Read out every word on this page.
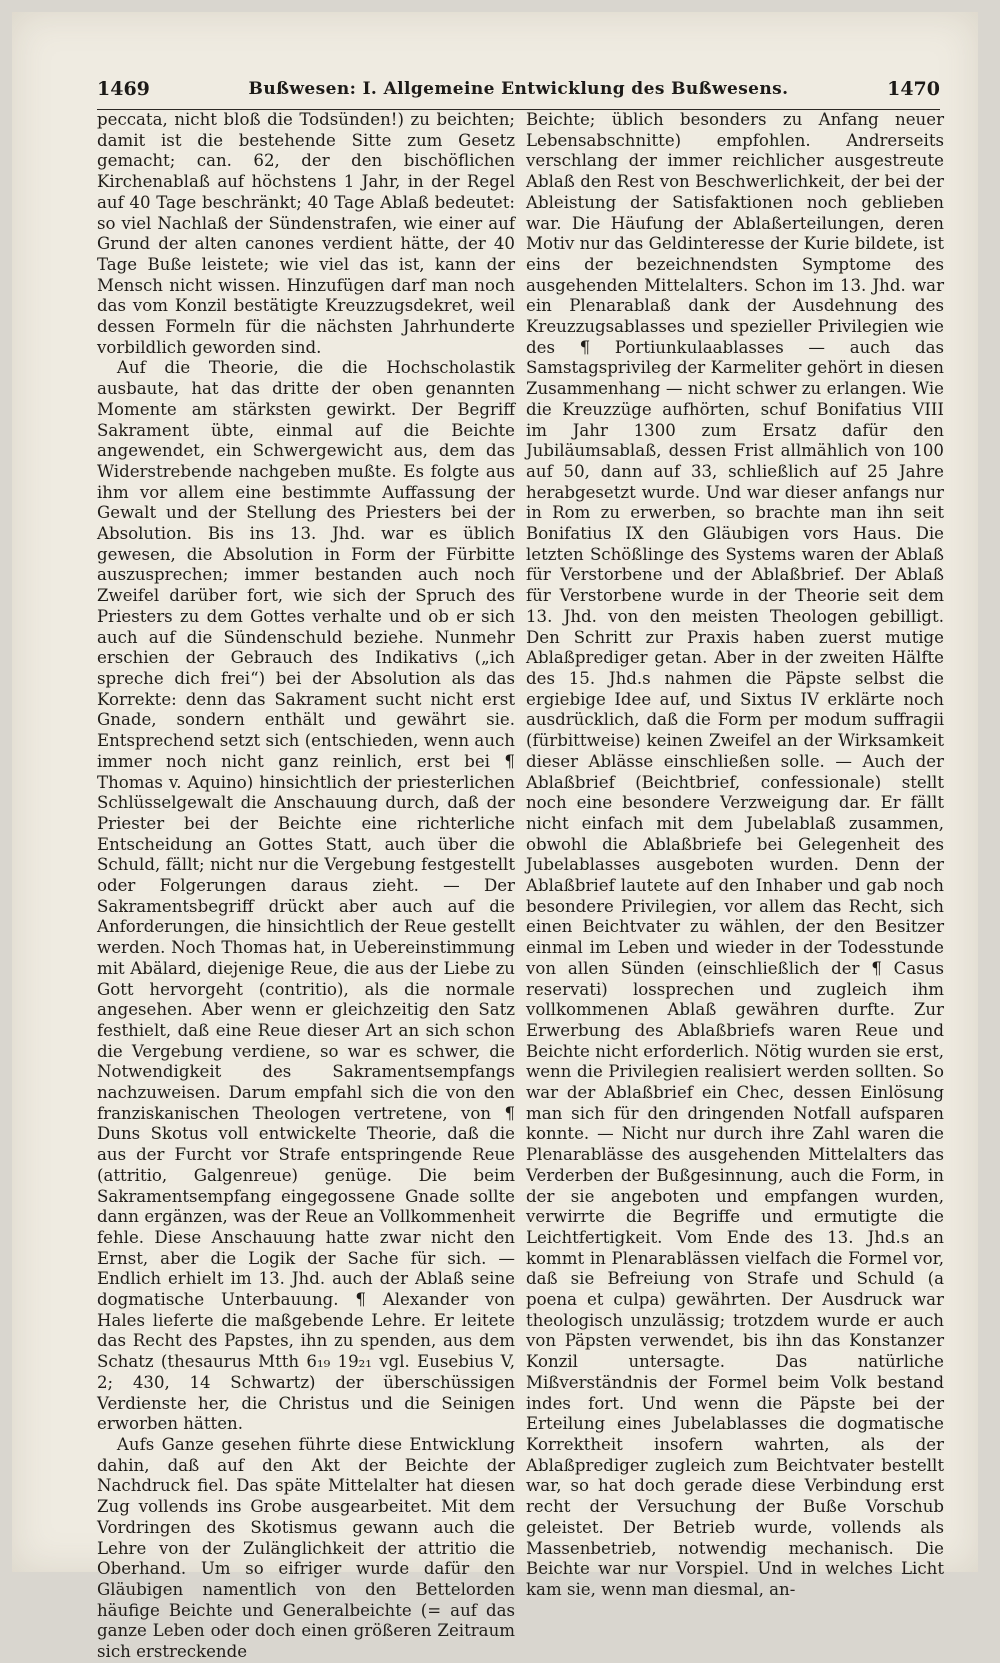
1469	Bußwesen: I. Allgemeine Entwicklung des Bußwesens.	1470

peccata, nicht bloß die Todsünden!) zu beichten; damit ist die bestehende Sitte zum Gesetz gemacht; can. 62, der den bischöflichen Kirchenablaß auf höchstens 1 Jahr, in der Regel auf 40 Tage beschränkt; 40 Tage Ablaß bedeutet: so viel Nachlaß der Sündenstrafen, wie einer auf Grund der alten canones verdient hätte, der 40 Tage Buße leistete; wie viel das ist, kann der Mensch nicht wissen. Hinzufügen darf man noch das vom Konzil bestätigte Kreuzzugsdekret, weil dessen Formeln für die nächsten Jahrhunderte vorbildlich geworden sind.

Auf die Theorie, die die Hochscholastik ausbaute, hat das dritte der oben genannten Momente am stärksten gewirkt. Der Begriff Sakrament übte, einmal auf die Beichte angewendet, ein Schwergewicht aus, dem das Widerstrebende nachgeben mußte. Es folgte aus ihm vor allem eine bestimmte Auffassung der Gewalt und der Stellung des Priesters bei der Absolution. Bis ins 13. Jhd. war es üblich gewesen, die Absolution in Form der Fürbitte auszusprechen; immer bestanden auch noch Zweifel darüber fort, wie sich der Spruch des Priesters zu dem Gottes verhalte und ob er sich auch auf die Sündenschuld beziehe. Nunmehr erschien der Gebrauch des Indikativs („ich spreche dich frei“) bei der Absolution als das Korrekte: denn das Sakrament sucht nicht erst Gnade, sondern enthält und gewährt sie. Entsprechend setzt sich (entschieden, wenn auch immer noch nicht ganz reinlich, erst bei ¶ Thomas v. Aquino) hinsichtlich der priesterlichen Schlüsselgewalt die Anschauung durch, daß der Priester bei der Beichte eine richterliche Entscheidung an Gottes Statt, auch über die Schuld, fällt; nicht nur die Vergebung festgestellt oder Folgerungen daraus zieht. — Der Sakramentsbegriff drückt aber auch auf die Anforderungen, die hinsichtlich der Reue gestellt werden. Noch Thomas hat, in Uebereinstimmung mit Abälard, diejenige Reue, die aus der Liebe zu Gott hervorgeht (contritio), als die normale angesehen. Aber wenn er gleichzeitig den Satz festhielt, daß eine Reue dieser Art an sich schon die Vergebung verdiene, so war es schwer, die Notwendigkeit des Sakramentsempfangs nachzuweisen. Darum empfahl sich die von den franziskanischen Theologen vertretene, von ¶ Duns Skotus voll entwickelte Theorie, daß die aus der Furcht vor Strafe entspringende Reue (attritio, Galgenreue) genüge. Die beim Sakramentsempfang eingegossene Gnade sollte dann ergänzen, was der Reue an Vollkommenheit fehle. Diese Anschauung hatte zwar nicht den Ernst, aber die Logik der Sache für sich. — Endlich erhielt im 13. Jhd. auch der Ablaß seine dogmatische Unterbauung. ¶ Alexander von Hales lieferte die maßgebende Lehre. Er leitete das Recht des Papstes, ihn zu spenden, aus dem Schatz (thesaurus Mtth 6₁₉ 19₂₁ vgl. Eusebius V, 2; 430, 14 Schwartz) der überschüssigen Verdienste her, die Christus und die Seinigen erworben hätten.

Aufs Ganze gesehen führte diese Entwicklung dahin, daß auf den Akt der Beichte der Nachdruck fiel. Das späte Mittelalter hat diesen Zug vollends ins Grobe ausgearbeitet. Mit dem Vordringen des Skotismus gewann auch die Lehre von der Zulänglichkeit der attritio die Oberhand. Um so eifriger wurde dafür den Gläubigen namentlich von den Bettelorden häufige Beichte und Generalbeichte (= auf das ganze Leben oder doch einen größeren Zeitraum sich erstreckende

Beichte; üblich besonders zu Anfang neuer Lebensabschnitte) empfohlen. Andrerseits verschlang der immer reichlicher ausgestreute Ablaß den Rest von Beschwerlichkeit, der bei der Ableistung der Satisfaktionen noch geblieben war. Die Häufung der Ablaßerteilungen, deren Motiv nur das Geldinteresse der Kurie bildete, ist eins der bezeichnendsten Symptome des ausgehenden Mittelalters. Schon im 13. Jhd. war ein Plenarablaß dank der Ausdehnung des Kreuzzugsablasses und spezieller Privilegien wie des ¶ Portiunkulaablasses — auch das Samstagsprivileg der Karmeliter gehört in diesen Zusammenhang — nicht schwer zu erlangen. Wie die Kreuzzüge aufhörten, schuf Bonifatius VIII im Jahr 1300 zum Ersatz dafür den Jubiläumsablaß, dessen Frist allmählich von 100 auf 50, dann auf 33, schließlich auf 25 Jahre herabgesetzt wurde. Und war dieser anfangs nur in Rom zu erwerben, so brachte man ihn seit Bonifatius IX den Gläubigen vors Haus. Die letzten Schößlinge des Systems waren der Ablaß für Verstorbene und der Ablaßbrief. Der Ablaß für Verstorbene wurde in der Theorie seit dem 13. Jhd. von den meisten Theologen gebilligt. Den Schritt zur Praxis haben zuerst mutige Ablaßprediger getan. Aber in der zweiten Hälfte des 15. Jhd.s nahmen die Päpste selbst die ergiebige Idee auf, und Sixtus IV erklärte noch ausdrücklich, daß die Form per modum suffragii (fürbittweise) keinen Zweifel an der Wirksamkeit dieser Ablässe einschließen solle. — Auch der Ablaßbrief (Beichtbrief, confessionale) stellt noch eine besondere Verzweigung dar. Er fällt nicht einfach mit dem Jubelablaß zusammen, obwohl die Ablaßbriefe bei Gelegenheit des Jubelablasses ausgeboten wurden. Denn der Ablaßbrief lautete auf den Inhaber und gab noch besondere Privilegien, vor allem das Recht, sich einen Beichtvater zu wählen, der den Besitzer einmal im Leben und wieder in der Todesstunde von allen Sünden (einschließlich der ¶ Casus reservati) lossprechen und zugleich ihm vollkommenen Ablaß gewähren durfte. Zur Erwerbung des Ablaßbriefs waren Reue und Beichte nicht erforderlich. Nötig wurden sie erst, wenn die Privilegien realisiert werden sollten. So war der Ablaßbrief ein Chec, dessen Einlösung man sich für den dringenden Notfall aufsparen konnte. — Nicht nur durch ihre Zahl waren die Plenarablässe des ausgehenden Mittelalters das Verderben der Bußgesinnung, auch die Form, in der sie angeboten und empfangen wurden, verwirrte die Begriffe und ermutigte die Leichtfertigkeit. Vom Ende des 13. Jhd.s an kommt in Plenarablässen vielfach die Formel vor, daß sie Befreiung von Strafe und Schuld (a poena et culpa) gewährten. Der Ausdruck war theologisch unzulässig; trotzdem wurde er auch von Päpsten verwendet, bis ihn das Konstanzer Konzil untersagte. Das natürliche Mißverständnis der Formel beim Volk bestand indes fort. Und wenn die Päpste bei der Erteilung eines Jubelablasses die dogmatische Korrektheit insofern wahrten, als der Ablaßprediger zugleich zum Beichtvater bestellt war, so hat doch gerade diese Verbindung erst recht der Versuchung der Buße Vorschub geleistet. Der Betrieb wurde, vollends als Massenbetrieb, notwendig mechanisch. Die Beichte war nur Vorspiel. Und in welches Licht kam sie, wenn man diesmal, an-
